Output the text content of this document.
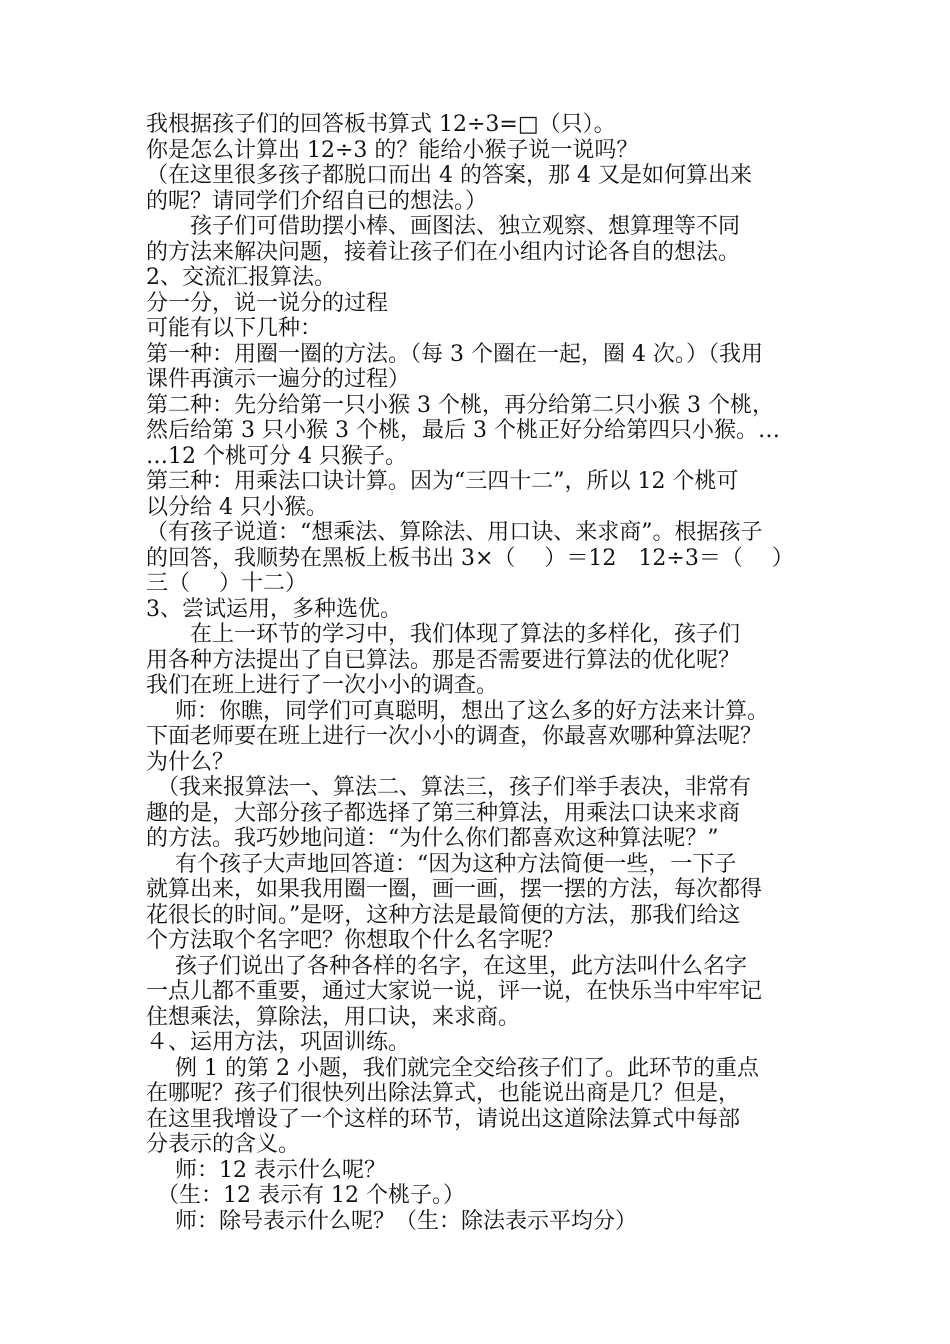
我根据孩子们的回答板书算式 12÷3=□（只）。
你是怎么计算出 12÷3 的？能给小猴子说一说吗？
（在这里很多孩子都脱口而出 4 的答案，那 4 又是如何算出来
的呢？请同学们介绍自已的想法。）
　　孩子们可借助摆小棒、画图法、独立观察、想算理等不同
的方法来解决问题，接着让孩子们在小组内讨论各自的想法。
2、交流汇报算法。
分一分，说一说分的过程
可能有以下几种：
第一种：用圈一圈的方法。（每 3 个圈在一起，圈 4 次。）（我用
课件再演示一遍分的过程）
第二种：先分给第一只小猴 3 个桃，再分给第二只小猴 3 个桃，
然后给第 3 只小猴 3 个桃，最后 3 个桃正好分给第四只小猴。…
…12 个桃可分 4 只猴子。
第三种：用乘法口诀计算。因为“三四十二”，所以 12 个桃可
以分给 4 只小猴。
（有孩子说道：“想乘法、算除法、用口诀、来求商”。根据孩子
的回答，我顺势在黑板上板书出 3×（　 ）＝12　12÷3＝（　 ）
三（　 ）十二）
3、尝试运用，多种选优。
　　在上一环节的学习中，我们体现了算法的多样化，孩子们
用各种方法提出了自已算法。那是否需要进行算法的优化呢？
我们在班上进行了一次小小的调查。
　 师：你瞧，同学们可真聪明，想出了这么多的好方法来计算。
下面老师要在班上进行一次小小的调查，你最喜欢哪种算法呢？
为什么？
　（我来报算法一、算法二、算法三，孩子们举手表决，非常有
趣的是，大部分孩子都选择了第三种算法，用乘法口诀来求商
的方法。我巧妙地问道：“为什么你们都喜欢这种算法呢？”
　 有个孩子大声地回答道：“因为这种方法简便一些，一下子
就算出来，如果我用圈一圈，画一画，摆一摆的方法，每次都得
花很长的时间。”是呀，这种方法是最简便的方法，那我们给这
个方法取个名字吧？你想取个什么名字呢？
　 孩子们说出了各种各样的名字，在这里，此方法叫什么名字
一点儿都不重要，通过大家说一说，评一说，在快乐当中牢牢记
住想乘法，算除法，用口诀，来求商。
４、运用方法，巩固训练。
　 例 1 的第 2 小题，我们就完全交给孩子们了。此环节的重点
在哪呢？孩子们很快列出除法算式，也能说出商是几？但是，
在这里我增设了一个这样的环节，请说出这道除法算式中每部
分表示的含义。
　 师：12 表示什么呢？
　（生：12 表示有 12 个桃子。）
　 师：除号表示什么呢？（生：除法表示平均分）
